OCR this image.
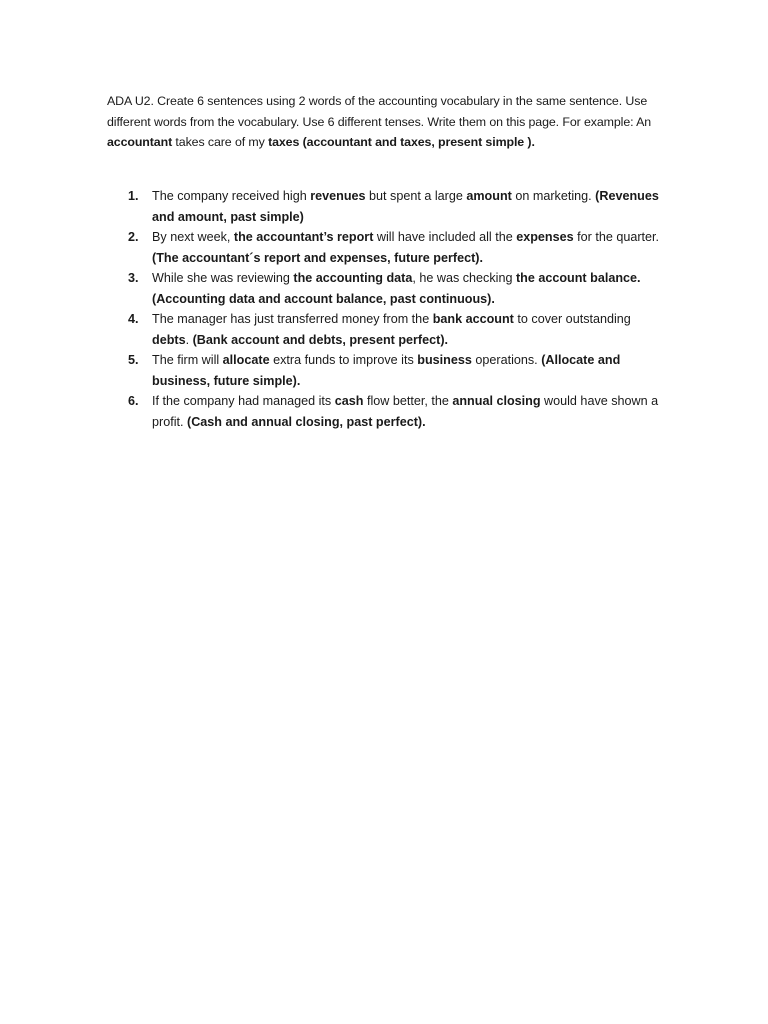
ADA U2. Create 6 sentences using 2 words of the accounting vocabulary in the same sentence. Use different words from the vocabulary. Use 6 different tenses. Write them on this page. For example: An accountant takes care of my taxes (accountant and taxes, present simple ).

1. The company received high revenues but spent a large amount on marketing. (Revenues and amount, past simple)
2. By next week, the accountant’s report will have included all the expenses for the quarter. (The accountant´s report and expenses, future perfect).
3. While she was reviewing the accounting data, he was checking the account balance. (Accounting data and account balance, past continuous).
4. The manager has just transferred money from the bank account to cover outstanding debts. (Bank account and debts, present perfect).
5. The firm will allocate extra funds to improve its business operations. (Allocate and business, future simple).
6. If the company had managed its cash flow better, the annual closing would have shown a profit. (Cash and annual closing, past perfect).
